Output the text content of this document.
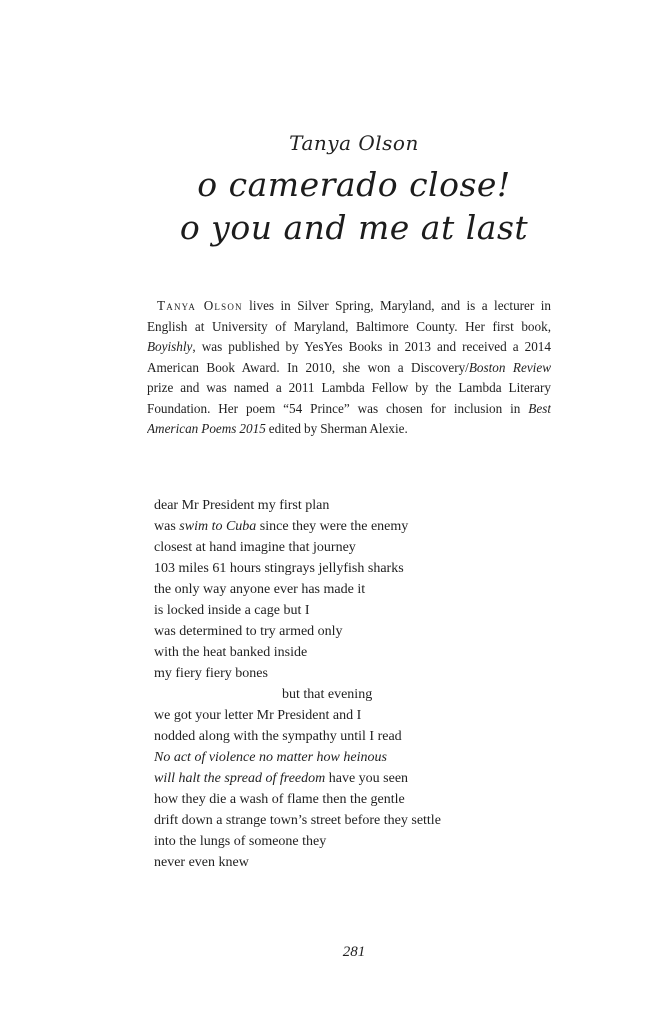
Tanya Olson
o camerado close!
o you and me at last
Tanya Olson lives in Silver Spring, Maryland, and is a lecturer in
English at University of Maryland, Baltimore County. Her first book,
Boyishly, was published by YesYes Books in 2013 and received a 2014
American Book Award. In 2010, she won a Discovery/Boston Review
prize and was named a 2011 Lambda Fellow by the Lambda Literary
Foundation. Her poem “54 Prince” was chosen for inclusion in Best
American Poems 2015 edited by Sherman Alexie.
dear Mr President my first plan
was swim to Cuba since they were the enemy
closest at hand imagine that journey
103 miles 61 hours stingrays jellyfish sharks
the only way anyone ever has made it
is locked inside a cage but I
was determined to try armed only
with the heat banked inside
my fiery fiery bones
but that evening
we got your letter Mr President and I
nodded along with the sympathy until I read
No act of violence no matter how heinous
will halt the spread of freedom have you seen
how they die a wash of flame then the gentle
drift down a strange town’s street before they settle
into the lungs of someone they
never even knew
281
